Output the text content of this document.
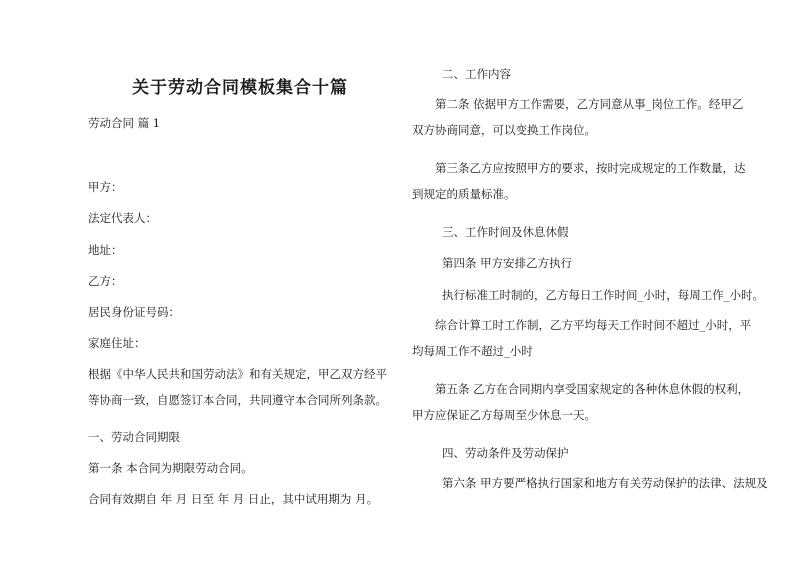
关于劳动合同模板集合十篇
劳动合同 篇 1
甲方：
法定代表人：
地址：
乙方：
居民身份证号码：
家庭住址：
根据《中华人民共和国劳动法》和有关规定，甲乙双方经平等协商一致，自愿签订本合同，共同遵守本合同所列条款。
一、劳动合同期限
第一条 本合同为期限劳动合同。
合同有效期自 年 月 日至 年 月 日止，其中试用期为 月。
二、工作内容
第二条 依据甲方工作需要，乙方同意从事_岗位工作。经甲乙双方协商同意，可以变换工作岗位。
第三条乙方应按照甲方的要求，按时完成规定的工作数量，达到规定的质量标准。
三、工作时间及休息休假
第四条 甲方安排乙方执行
执行标准工时制的，乙方每日工作时间_小时，每周工作_小时。
综合计算工时工作制，乙方平均每天工作时间不超过_小时，平均每周工作不超过_小时
第五条 乙方在合同期内享受国家规定的各种休息休假的权利，甲方应保证乙方每周至少休息一天。
四、劳动条件及劳动保护
第六条 甲方要严格执行国家和地方有关劳动保护的法律、法规及
